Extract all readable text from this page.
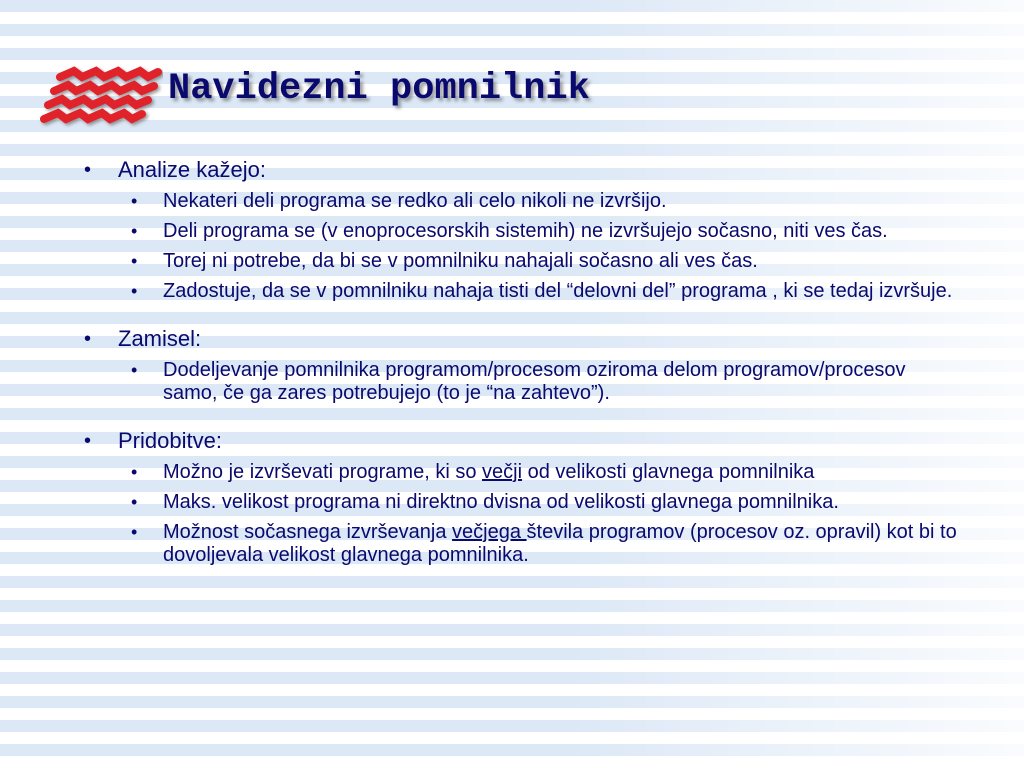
Navidezni pomnilnik
• Analize kažejo:
• Nekateri deli programa se redko ali celo nikoli ne izvršijo.
• Deli programa se (v enoprocesorskih sistemih) ne izvršujejo sočasno, niti ves čas.
• Torej ni potrebe, da bi se v pomnilniku nahajali sočasno ali ves čas.
• Zadostuje, da se v pomnilniku nahaja tisti del “delovni del” programa , ki se tedaj izvršuje.
• Zamisel:
• Dodeljevanje pomnilnika programom/procesom oziroma delom programov/procesov samo, če ga zares potrebujejo (to je “na zahtevo”).
• Pridobitve:
• Možno je izvrševati programe, ki so večji od velikosti glavnega pomnilnika
• Maks. velikost programa ni direktno dvisna od velikosti glavnega pomnilnika.
• Možnost sočasnega izvrševanja večjega števila programov (procesov oz. opravil) kot bi to dovoljevala velikost glavnega pomnilnika.
